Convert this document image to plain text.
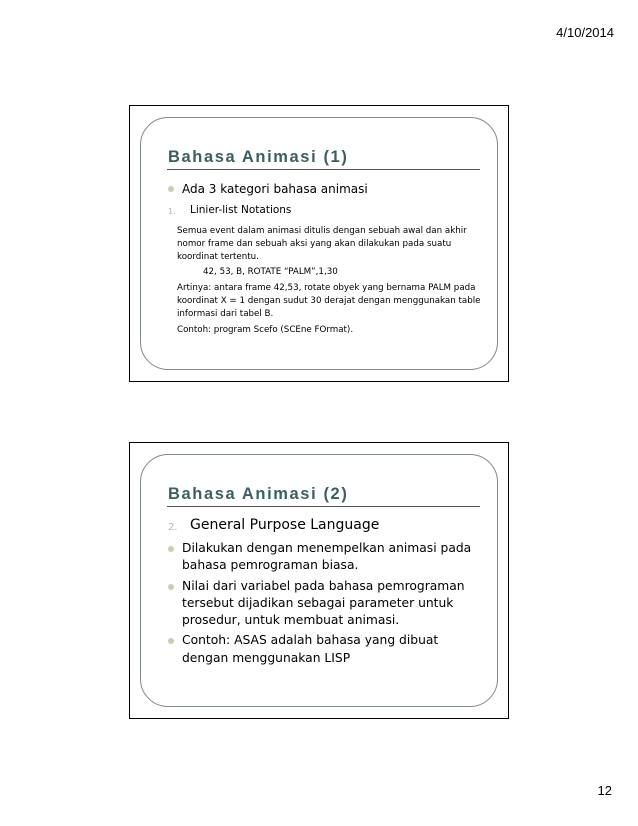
4/10/2014
Bahasa Animasi (1)
Ada 3 kategori bahasa animasi
1.	Linier-list Notations
Semua event dalam animasi ditulis dengan sebuah awal dan akhir nomor frame dan sebuah aksi yang akan dilakukan pada suatu koordinat tertentu.
42, 53, B, ROTATE “PALM”,1,30
Artinya: antara frame 42,53, rotate obyek yang bernama PALM pada koordinat X = 1 dengan sudut 30 derajat dengan menggunakan table informasi dari tabel B.
Contoh: program Scefo (SCEne FOrmat).
Bahasa Animasi (2)
2. General Purpose Language
Dilakukan dengan menempelkan animasi pada bahasa pemrograman biasa.
Nilai dari variabel pada bahasa pemrograman tersebut dijadikan sebagai parameter untuk prosedur, untuk membuat animasi.
Contoh: ASAS adalah bahasa yang dibuat dengan menggunakan LISP
12
